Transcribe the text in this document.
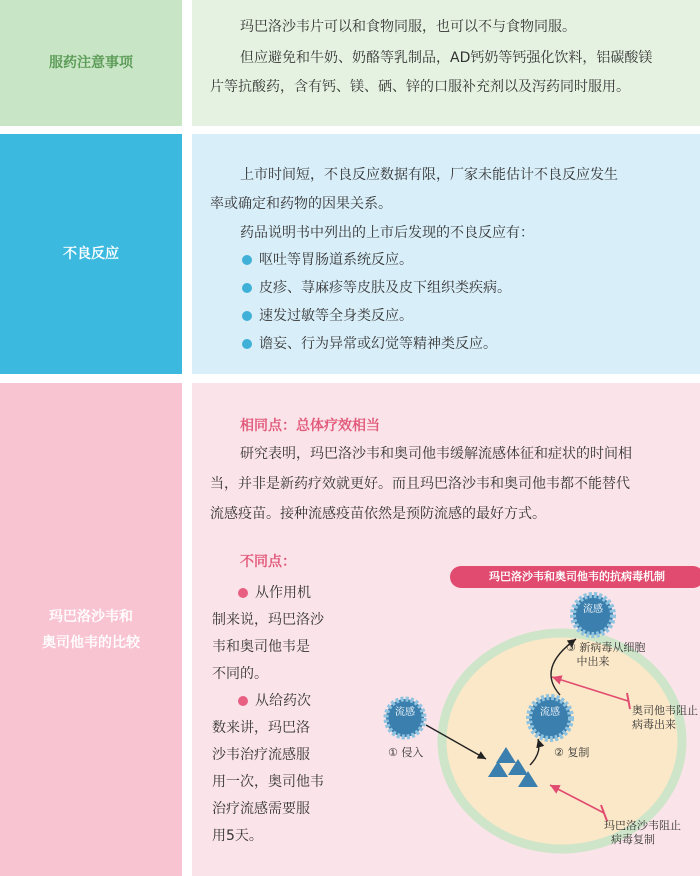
服药注意事项
玛巴洛沙韦片可以和食物同服，也可以不与食物同服。
但应避免和牛奶、奶酪等乳制品，AD钙奶等钙强化饮料，铝碳酸镁
片等抗酸药，含有钙、镁、硒、锌的口服补充剂以及泻药同时服用。
不良反应
上市时间短，不良反应数据有限，厂家未能估计不良反应发生
率或确定和药物的因果关系。
药品说明书中列出的上市后发现的不良反应有：
呕吐等胃肠道系统反应。
皮疹、荨麻疹等皮肤及皮下组织类疾病。
速发过敏等全身类反应。
谵妄、行为异常或幻觉等精神类反应。
玛巴洛沙韦和
奥司他韦的比较
相同点：总体疗效相当
研究表明，玛巴洛沙韦和奥司他韦缓解流感体征和症状的时间相
当，并非是新药疗效就更好。而且玛巴洛沙韦和奥司他韦都不能替代
流感疫苗。接种流感疫苗依然是预防流感的最好方式。
不同点：
从作用机
制来说，玛巴洛沙
韦和奥司他韦是
不同的。
从给药次
数来讲，玛巴洛
沙韦治疗流感服
用一次，奥司他韦
治疗流感需要服
用5天。
玛巴洛沙韦和奥司他韦的抗病毒机制
流感	流感
流感
① 侵入	② 复制
③ 新病毒从细胞
中出来
奥司他韦阻止
病毒出来
玛巴洛沙韦阻止
病毒复制
